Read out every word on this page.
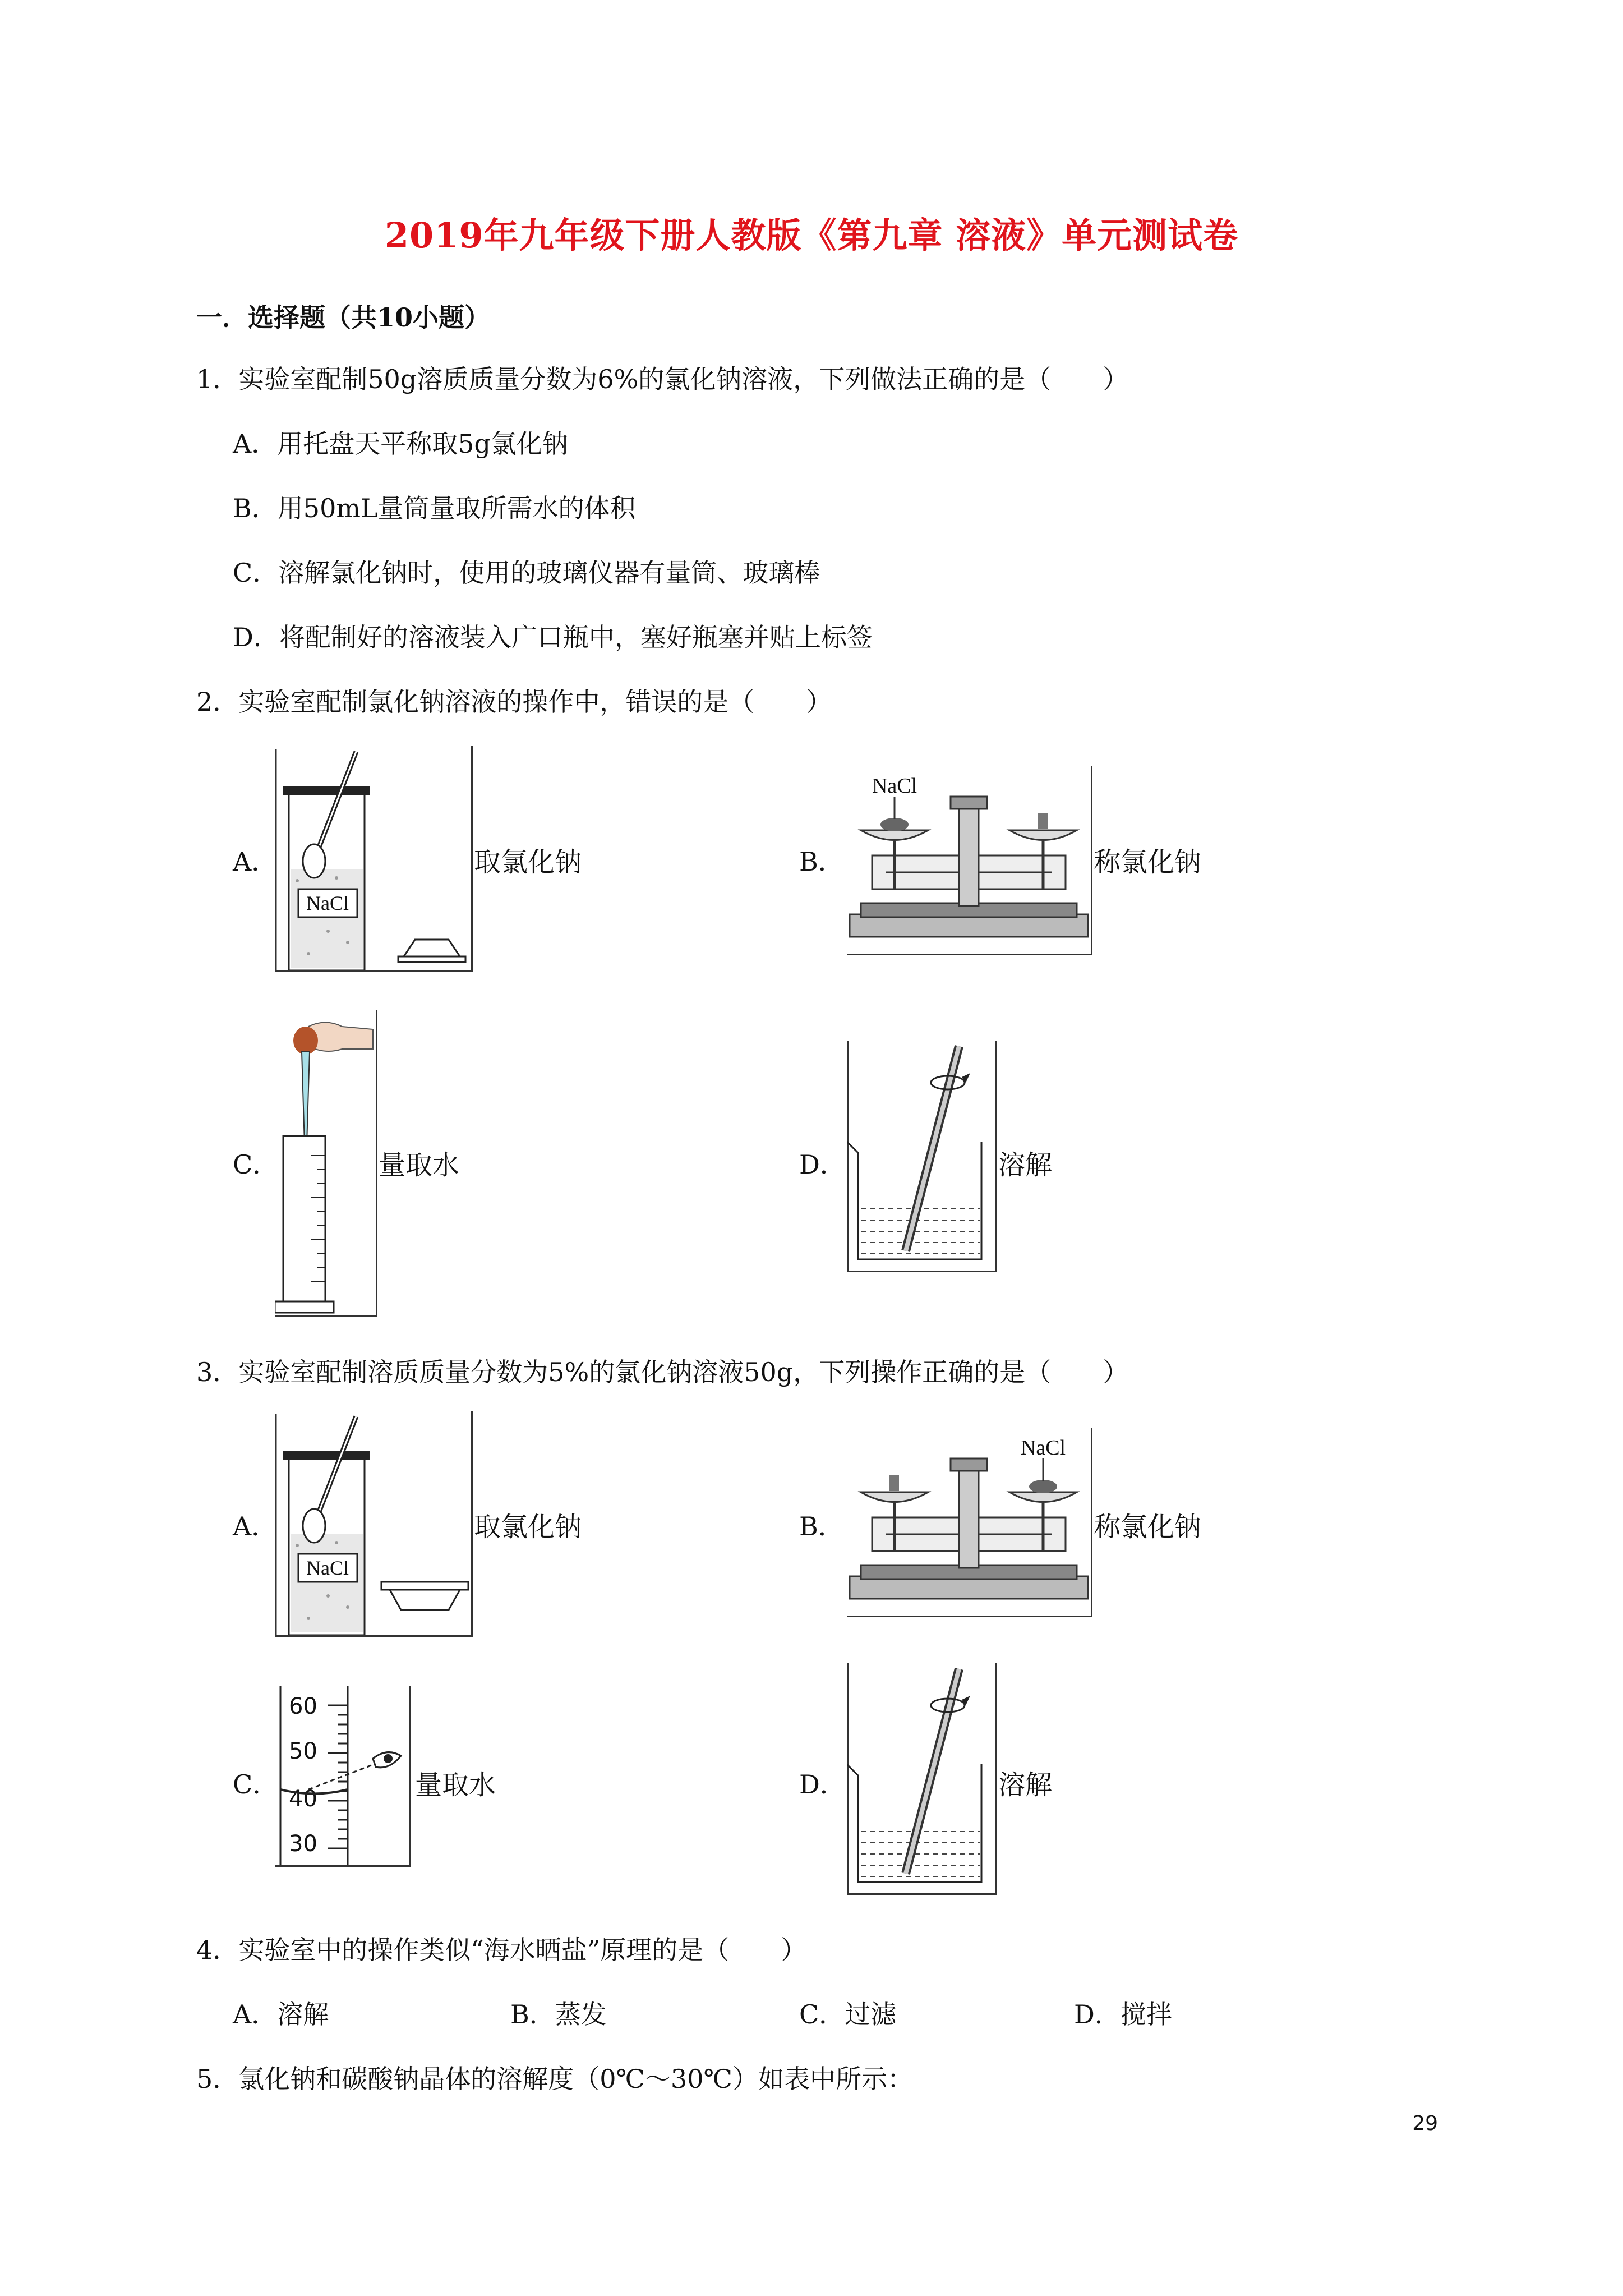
2019年九年级下册人教版《第九章 溶液》单元测试卷
一．选择题（共10小题）
1．实验室配制50g溶质质量分数为6%的氯化钠溶液，下列做法正确的是（　　）
A．用托盘天平称取5g氯化钠
B．用50mL量筒量取所需水的体积
C．溶解氯化钠时，使用的玻璃仪器有量筒、玻璃棒
D．将配制好的溶液装入广口瓶中，塞好瓶塞并贴上标签
2．实验室配制氯化钠溶液的操作中，错误的是（　　）
A．
NaCl
取氯化钠	B．
NaCl
称氯化钠
C．	量取水	D．	溶解
3．实验室配制溶质质量分数为5%的氯化钠溶液50g，下列操作正确的是（　　）
A．
NaCl
取氯化钠	B．
NaCl
称氯化钠
C．
60
50
40
30
量取水	D．	溶解
4．实验室中的操作类似“海水晒盐”原理的是（　　）
A．溶解	B．蒸发	C．过滤	D．搅拌
5．氯化钠和碳酸钠晶体的溶解度（0℃～30℃）如表中所示：
29
